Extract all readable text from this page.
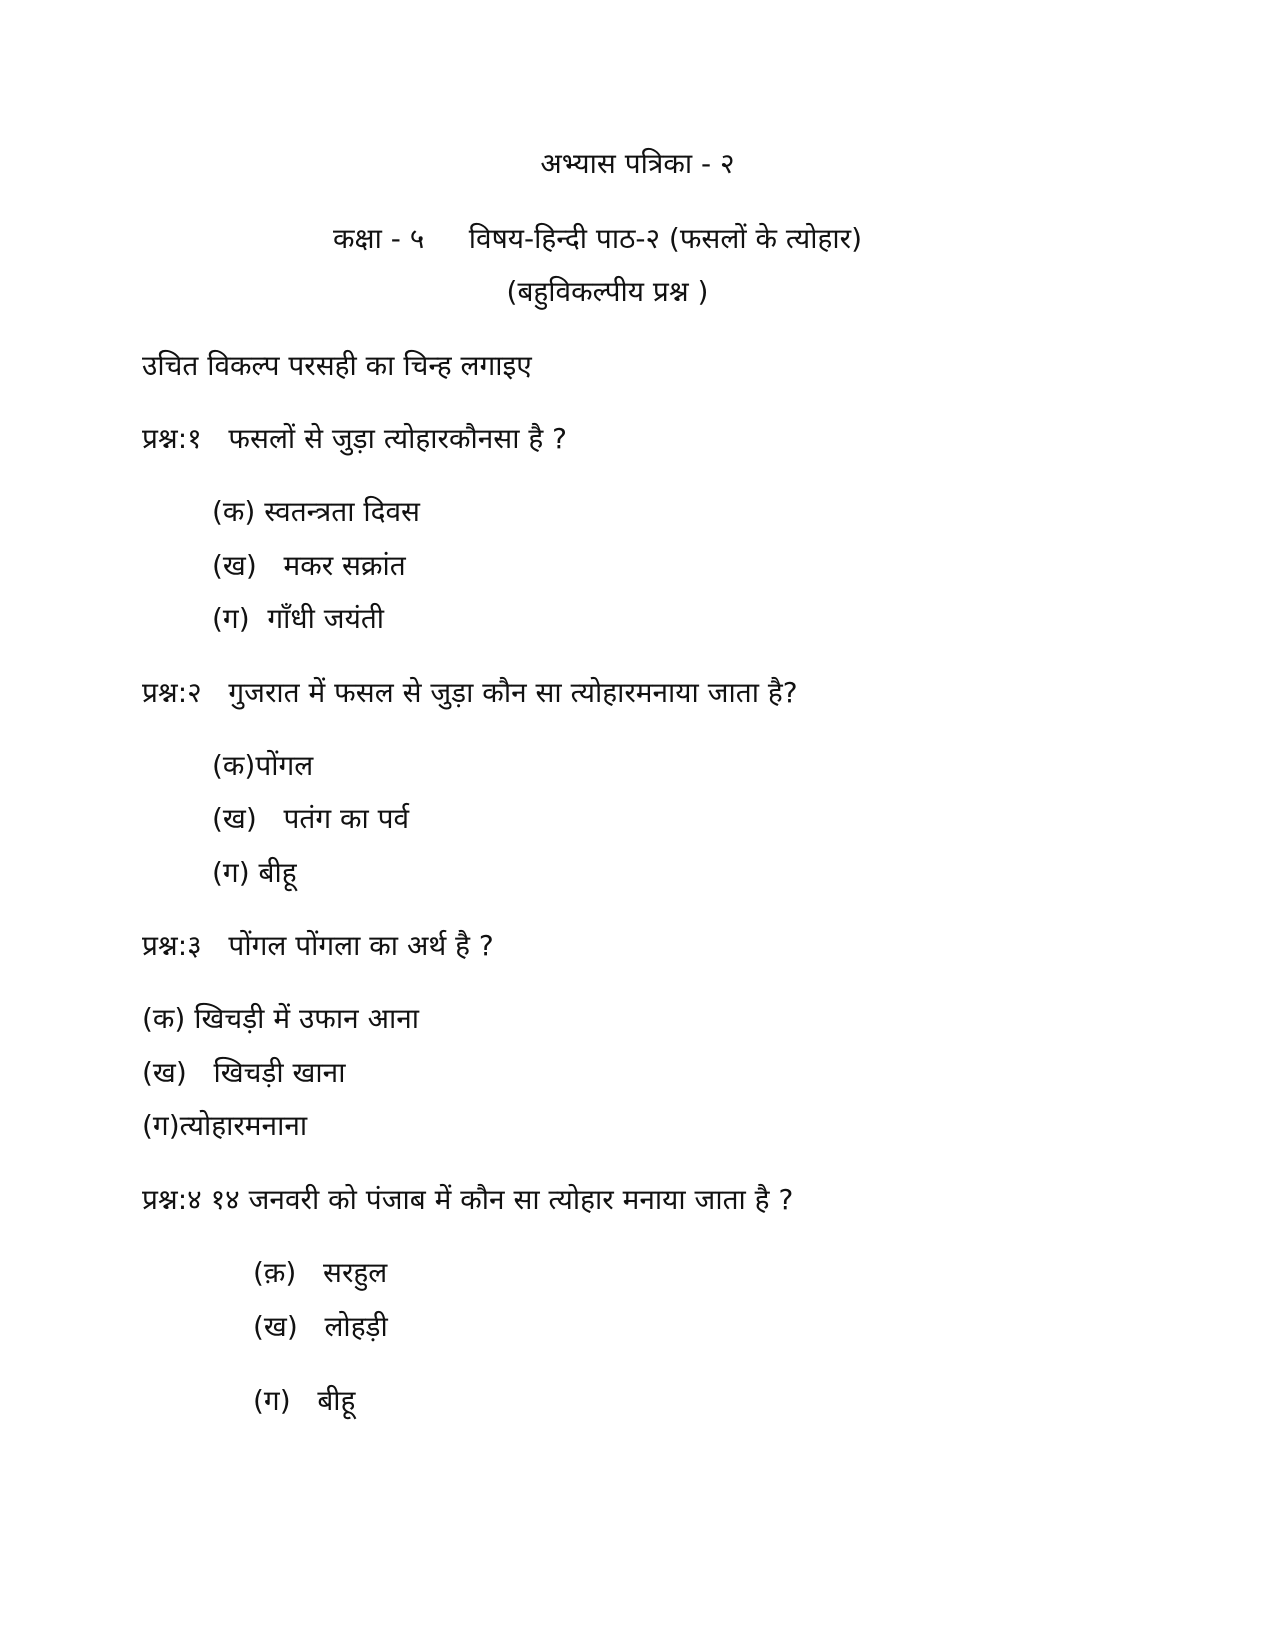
अभ्यास पत्रिका - २
कक्षा - ५     विषय-हिन्दी पाठ-२ (फसलों के त्योहार)
(बहुविकल्पीय प्रश्न )
उचित विकल्प परसही का चिन्ह लगाइए
प्रश्न:१   फसलों से जुड़ा त्योहारकौनसा है ?
(क) स्वतन्त्रता दिवस
(ख)   मकर सक्रांत
(ग)  गाँधी जयंती
प्रश्न:२   गुजरात में फसल से जुड़ा कौन सा त्योहारमनाया जाता है?
(क)पोंगल
(ख)   पतंग का पर्व
(ग) बीहू
प्रश्न:३   पोंगल पोंगला का अर्थ है ?
(क) खिचड़ी में उफान आना
(ख)   खिचड़ी खाना
(ग)त्योहारमनाना
प्रश्न:४ १४ जनवरी को पंजाब में कौन सा त्योहार मनाया जाता है ?
(क़)   सरहुल
(ख)   लोहड़ी
(ग)   बीहू
